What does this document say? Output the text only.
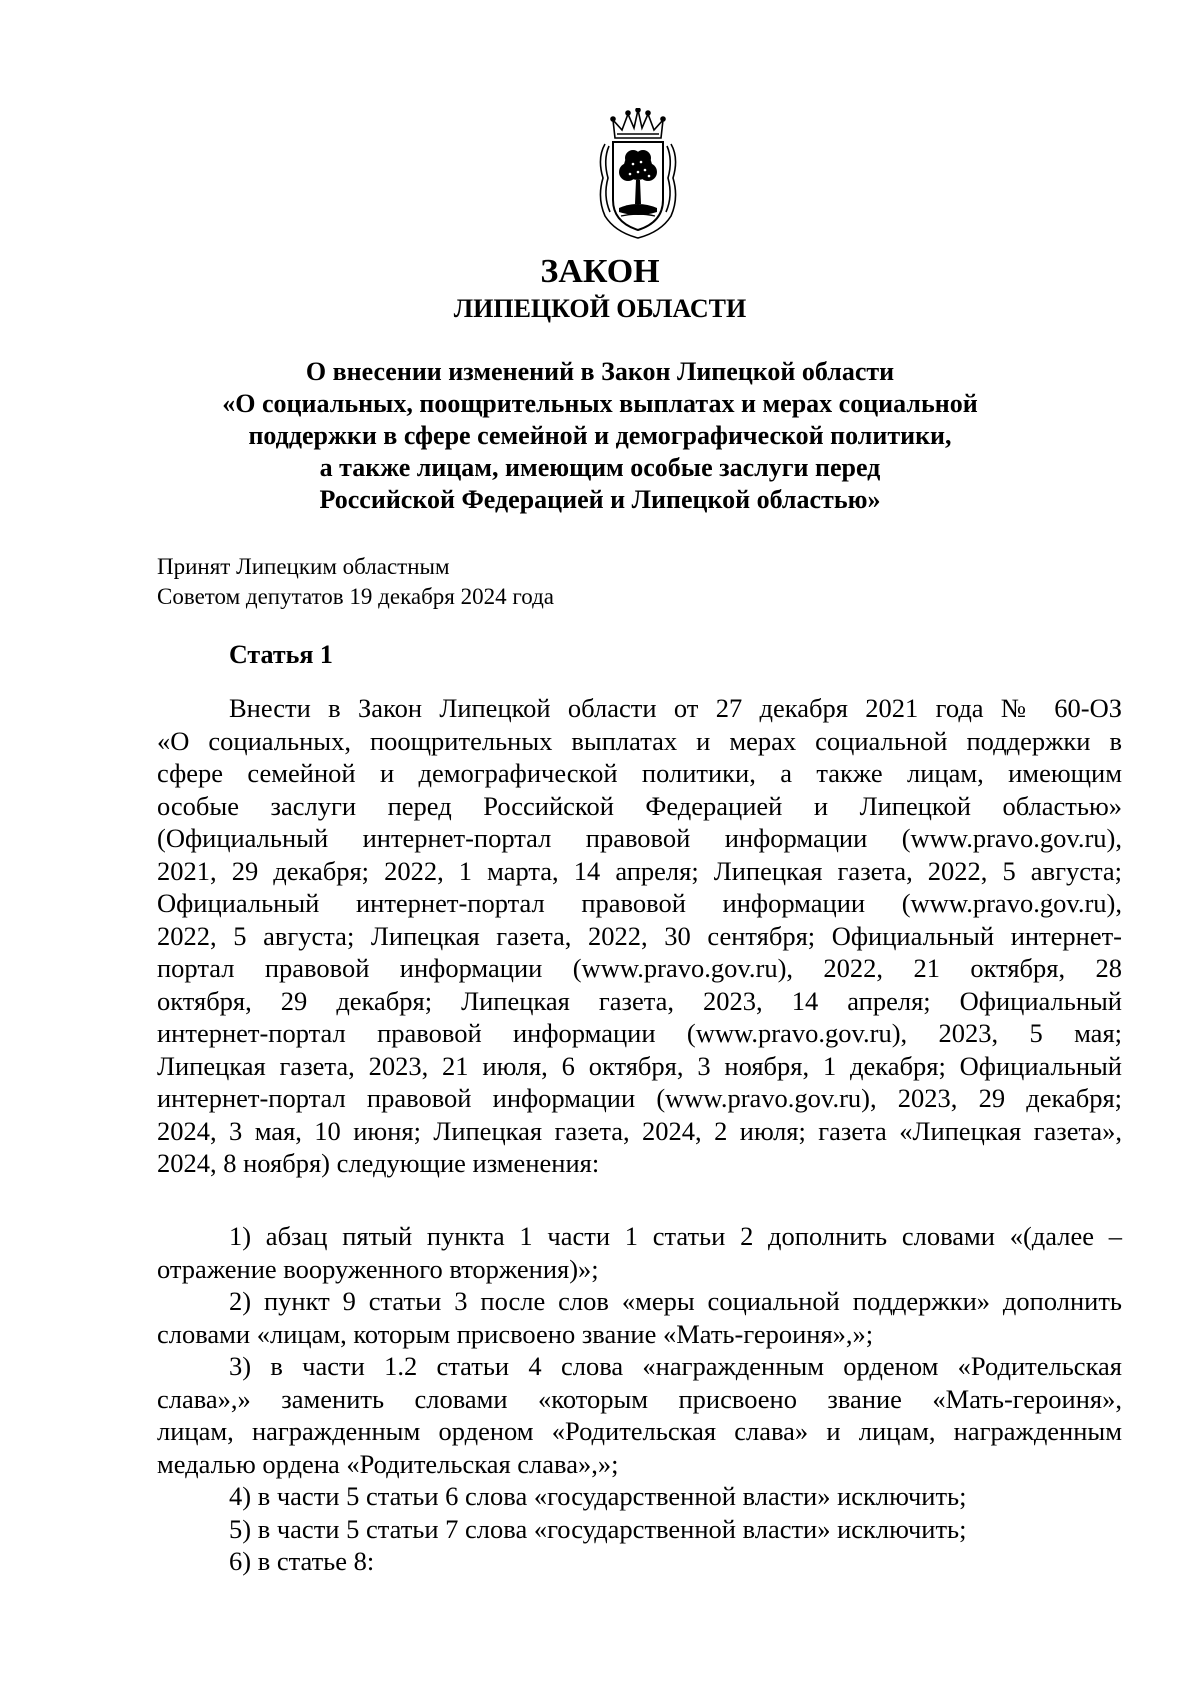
ЗАКОН
ЛИПЕЦКОЙ ОБЛАСТИ
О внесении изменений в Закон Липецкой области
«О социальных, поощрительных выплатах и мерах социальной
поддержки в сфере семейной и демографической политики,
а также лицам, имеющим особые заслуги перед
Российской Федерацией и Липецкой областью»
Принят Липецким областным
Советом депутатов 19 декабря 2024 года
Статья 1
Внести в Закон Липецкой области от 27 декабря 2021 года № 60-ОЗ
«О социальных, поощрительных выплатах и мерах социальной поддержки в
сфере семейной и демографической политики, а также лицам, имеющим
особые заслуги перед Российской Федерацией и Липецкой областью»
(Официальный интернет-портал правовой информации (www.pravo.gov.ru),
2021, 29 декабря; 2022, 1 марта, 14 апреля; Липецкая газета, 2022, 5 августа;
Официальный интернет-портал правовой информации (www.pravo.gov.ru),
2022, 5 августа; Липецкая газета, 2022, 30 сентября; Официальный интернет-
портал правовой информации (www.pravo.gov.ru), 2022, 21 октября, 28
октября, 29 декабря; Липецкая газета, 2023, 14 апреля; Официальный
интернет-портал правовой информации (www.pravo.gov.ru), 2023, 5 мая;
Липецкая газета, 2023, 21 июля, 6 октября, 3 ноября, 1 декабря; Официальный
интернет-портал правовой информации (www.pravo.gov.ru), 2023, 29 декабря;
2024, 3 мая, 10 июня; Липецкая газета, 2024, 2 июля; газета «Липецкая газета»,
2024, 8 ноября) следующие изменения:
1) абзац пятый пункта 1 части 1 статьи 2 дополнить словами «(далее –
отражение вооруженного вторжения)»;
2) пункт 9 статьи 3 после слов «меры социальной поддержки» дополнить
словами «лицам, которым присвоено звание «Мать-героиня»,»;
3) в части 1.2 статьи 4 слова «награжденным орденом «Родительская
слава»,» заменить словами «которым присвоено звание «Мать-героиня»,
лицам, награжденным орденом «Родительская слава» и лицам, награжденным
медалью ордена «Родительская слава»,»;
4) в части 5 статьи 6 слова «государственной власти» исключить;
5) в части 5 статьи 7 слова «государственной власти» исключить;
6) в статье 8:
